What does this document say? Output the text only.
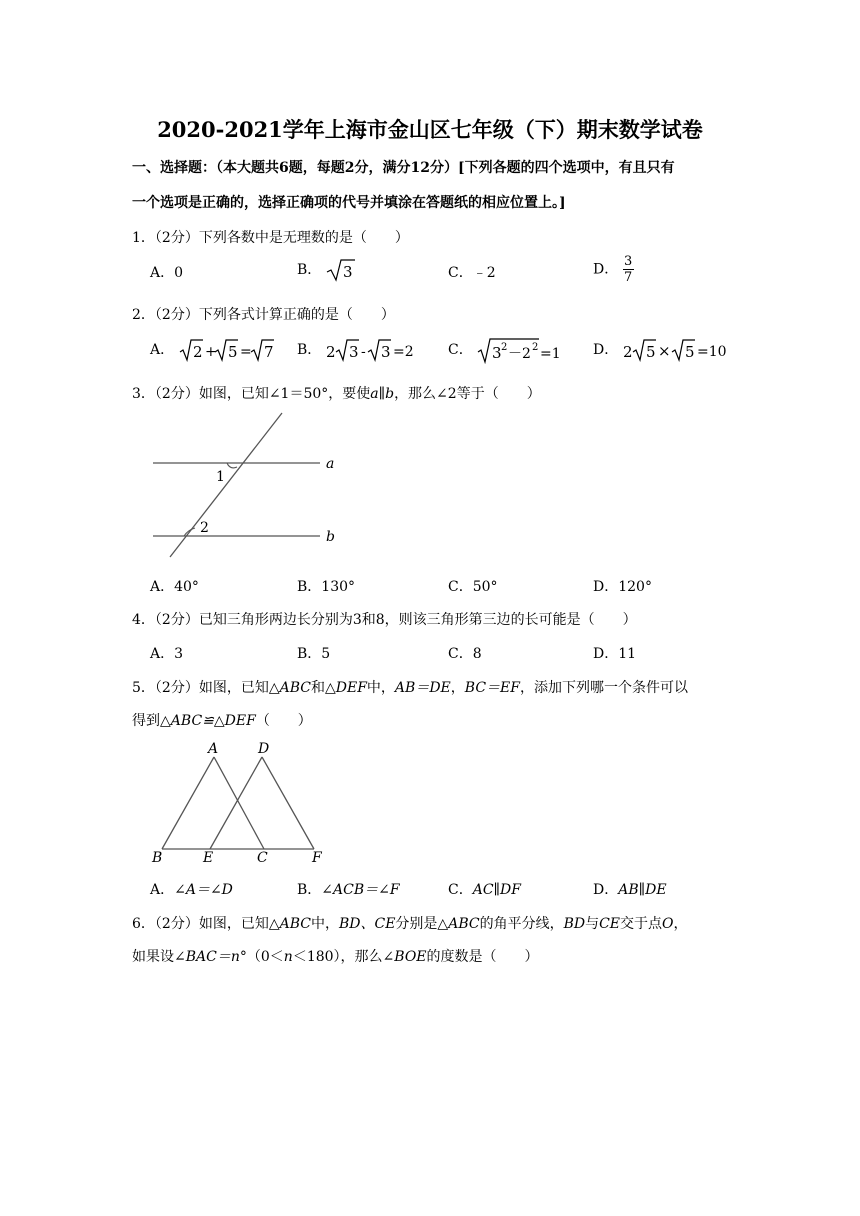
2020-2021学年上海市金山区七年级（下）期末数学试卷
一、选择题：（本大题共6题，每题2分，满分12分）[下列各题的四个选项中，有且只有
一个选项是正确的，选择正确项的代号并填涂在答题纸的相应位置上。]
1．（2分）下列各数中是无理数的是（　　）
A．0	B． 3	C．﹣2	D． $\frac{3}{7}$
2．（2分）下列各式计算正确的是（　　）
A． 2 + 5 = 7 B． 2 3 - 3 =2 C． 3 2 －2 2 =1 D． 2 5 × 5 =10
3．（2分）如图，已知∠1＝50°，要使a∥b，那么∠2等于（　　）
1
2
a
b
A．40°	B．130°	C．50°	D．120°
4．（2分）已知三角形两边长分别为3和8，则该三角形第三边的长可能是（　　）
A．3	B．5	C．8	D．11
5．（2分）如图，已知△ABC和△DEF中，AB＝DE，BC＝EF，添加下列哪一个条件可以
得到△ABC≌△DEF（　　）
A	D
B	E	C	F
A．∠A＝∠D	B．∠ACB＝∠F	C．AC∥DF	D．AB∥DE
6．（2分）如图，已知△ABC中，BD、CE分别是△ABC的角平分线，BD与CE交于点O，
如果设∠BAC＝n°（0＜n＜180），那么∠BOE的度数是（　　）
